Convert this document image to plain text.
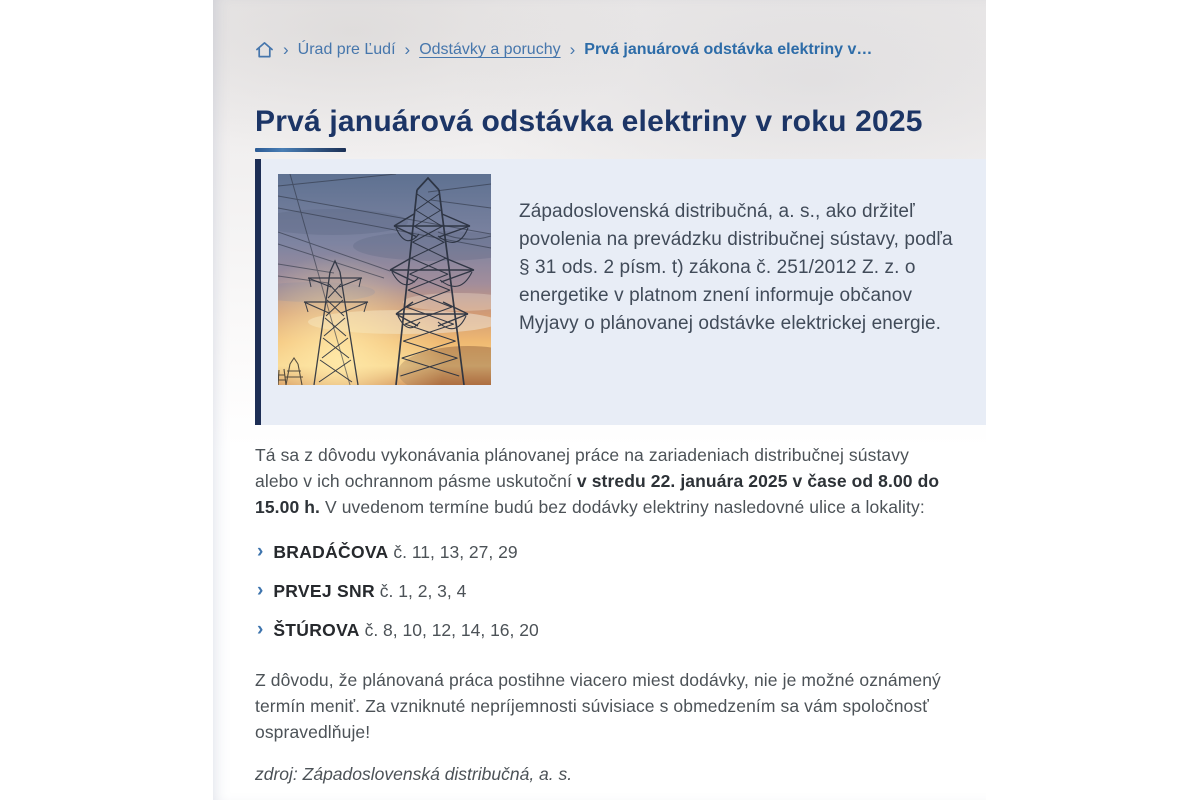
› Úrad pre Ľudí › Odstávky a poruchy › Prvá januárová odstávka elektriny v…
Prvá januárová odstávka elektriny v roku 2025

Západoslovenská distribučná, a. s., ako držiteľ povolenia na prevádzku distribučnej sústavy, podľa § 31 ods. 2 písm. t) zákona č. 251/2012 Z. z. o energetike v platnom znení informuje občanov Myjavy o plánovanej odstávke elektrickej energie.

Tá sa z dôvodu vykonávania plánovanej práce na zariadeniach distribučnej sústavy alebo v ich ochrannom pásme uskutoční v stredu 22. januára 2025 v čase od 8.00 do 15.00 h. V uvedenom termíne budú bez dodávky elektriny nasledovné ulice a lokality:

› BRADÁČOVA č. 11, 13, 27, 29
› PRVEJ SNR č. 1, 2, 3, 4
› ŠTÚROVA č. 8, 10, 12, 14, 16, 20

Z dôvodu, že plánovaná práca postihne viacero miest dodávky, nie je možné oznámený termín meniť. Za vzniknuté nepríjemnosti súvisiace s obmedzením sa vám spoločnosť ospravedlňuje!

zdroj: Západoslovenská distribučná, a. s.
